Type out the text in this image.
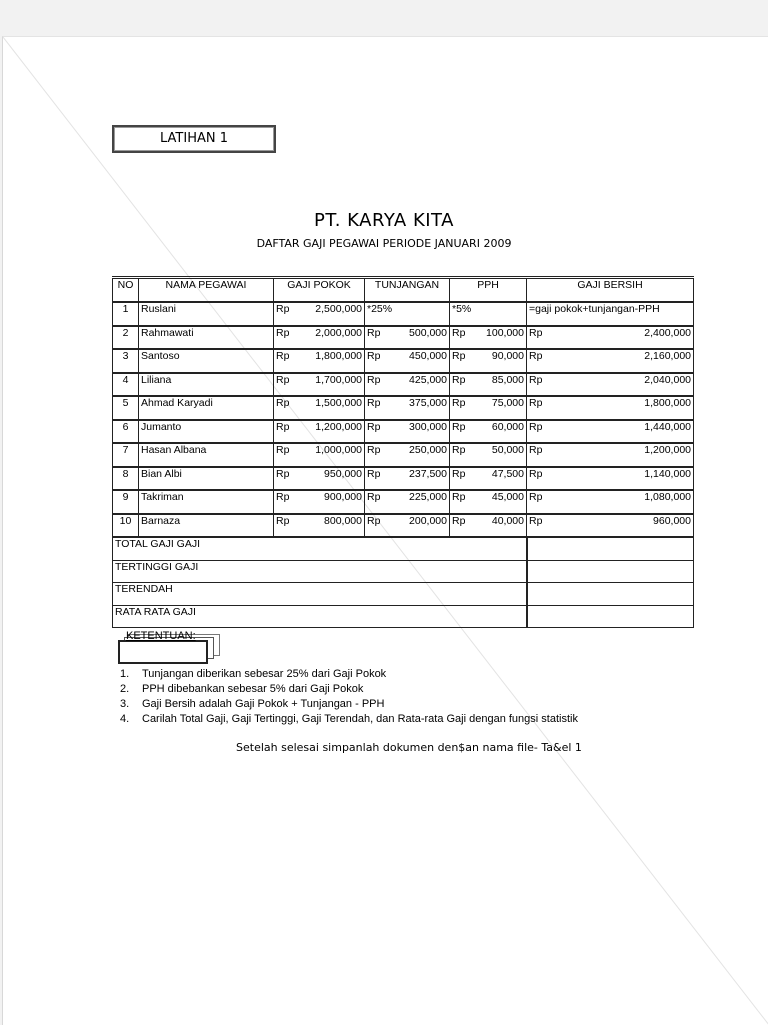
LATIHAN 1
PT. KARYA KITA
DAFTAR GAJI PEGAWAI PERIODE JANUARI 2009
NO	NAMA PEGAWAI	GAJI POKOK	TUNJANGAN	PPH	GAJI BERSIH
1	Ruslani	Rp 2,500,000	*25%	*5%	=gaji pokok+tunjangan-PPH
2	Rahmawati	Rp 2,000,000	Rp 500,000	Rp 100,000	Rp 2,400,000

3	Santoso	Rp 1,800,000	Rp 450,000	Rp 90,000	Rp 2,160,000

4	Liliana	Rp 1,700,000	Rp 425,000	Rp 85,000	Rp 2,040,000

5	Ahmad Karyadi	Rp 1,500,000	Rp 375,000	Rp 75,000	Rp 1,800,000

6	Jumanto	Rp 1,200,000	Rp 300,000	Rp 60,000	Rp 1,440,000

7	Hasan Albana	Rp 1,000,000	Rp 250,000	Rp 50,000	Rp 1,200,000

8	Bian Albi	Rp 950,000	Rp 237,500	Rp 47,500	Rp 1,140,000

9	Takriman	Rp 900,000	Rp 225,000	Rp 45,000	Rp 1,080,000

10	Barnaza	Rp 800,000	Rp 200,000	Rp 40,000	Rp 960,000

TOTAL GAJI GAJI					
TERTINGGI GAJI					
TERENDAH					
RATA RATA GAJI					
KETENTUAN:
1.	Tunjangan diberikan sebesar 25% dari Gaji Pokok
2.	PPH dibebankan sebesar 5% dari Gaji Pokok
3.	Gaji Bersih adalah Gaji Pokok + Tunjangan - PPH
4.	Carilah Total Gaji, Gaji Tertinggi, Gaji Terendah, dan Rata-rata Gaji dengan fungsi statistik
Setelah selesai simpanlah dokumen den$an nama file- Ta&el 1
